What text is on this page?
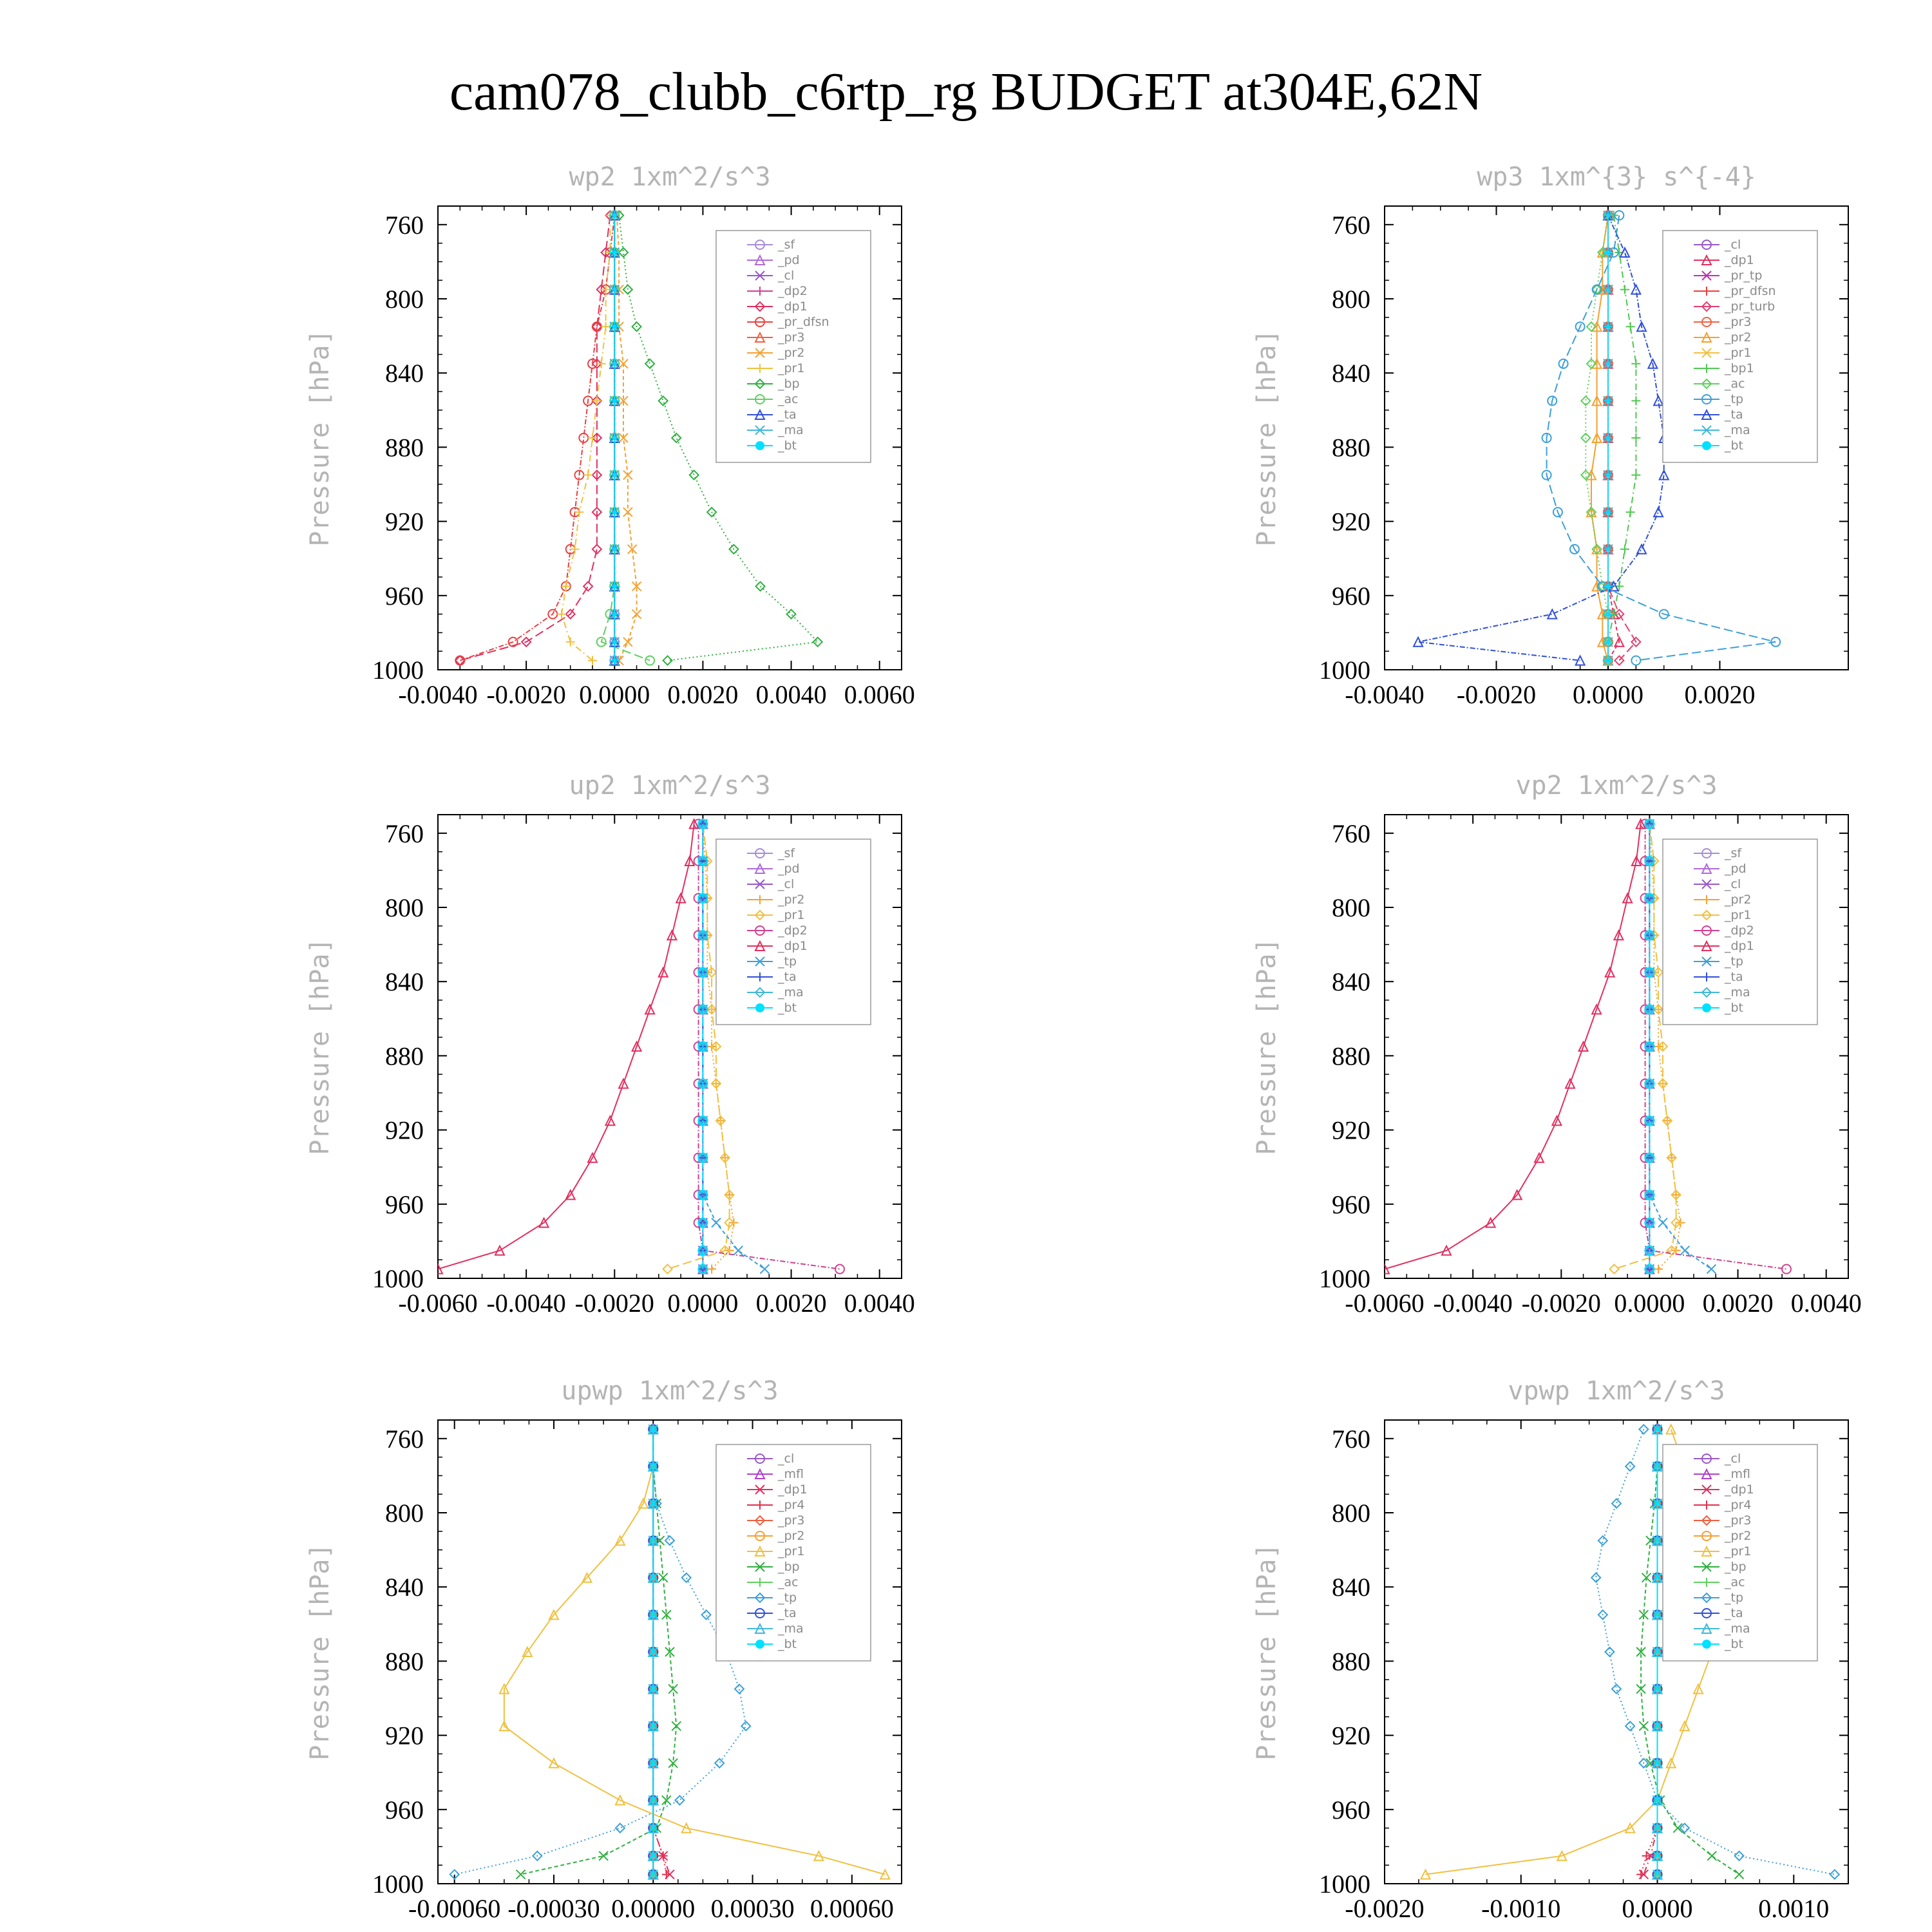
cam078_clubb_c6rtp_rg BUDGET at304E,62N
wp2 1xm^2/s^3
Pressure [hPa]
760
800
840
880
920
960
1000
-0.0040 -0.0020 0.0000 0.0020 0.0040 0.0060
_sf
_pd
_cl
_dp2
_dp1
_pr_dfsn
_pr3
_pr2
_pr1
_bp
_ac
_ta
_ma
_bt
wp3 1xm^{3} s^{-4}
Pressure [hPa]
760
800
840
880
920
960
1000
-0.0040 -0.0020 0.0000 0.0020
_cl
_dp1
_pr_tp
_pr_dfsn
_pr_turb
_pr3
_pr2
_pr1
_bp1
_ac
_tp
_ta
_ma
_bt
up2 1xm^2/s^3
Pressure [hPa]
760
800
840
880
920
960
1000
-0.0060 -0.0040 -0.0020 0.0000 0.0020 0.0040
_sf
_pd
_cl
_pr2
_pr1
_dp2
_dp1
_tp
_ta
_ma
_bt
vp2 1xm^2/s^3
Pressure [hPa]
760
800
840
880
920
960
1000
-0.0060 -0.0040 -0.0020 0.0000 0.0020 0.0040
_sf
_pd
_cl
_pr2
_pr1
_dp2
_dp1
_tp
_ta
_ma
_bt
upwp 1xm^2/s^3
Pressure [hPa]
760
800
840
880
920
960
1000
-0.00060 -0.00030 0.00000 0.00030 0.00060
_cl
_mfl
_dp1
_pr4
_pr3
_pr2
_pr1
_bp
_ac
_tp
_ta
_ma
_bt
vpwp 1xm^2/s^3
Pressure [hPa]
760
800
840
880
920
960
1000
-0.0020 -0.0010 0.0000	0.0010
_cl
_mfl
_dp1
_pr4
_pr3
_pr2
_pr1
_bp
_ac
_tp
_ta
_ma
_bt
